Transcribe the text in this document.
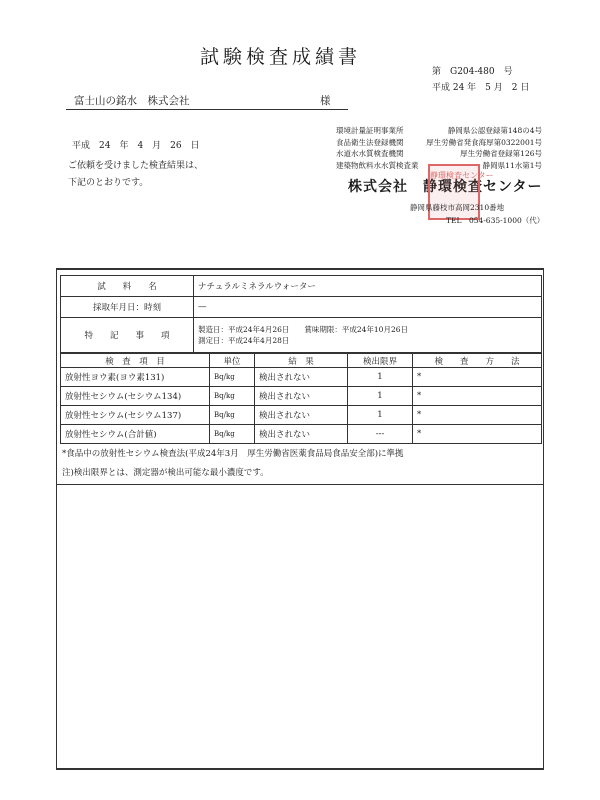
試験検査成績書
第　G204-480　号
平成 24 年　5 月　2 日
富士山の銘水　株式会社	様
平成　24　年　4　月　26　日
ご依頼を受けました検査結果は、
下記のとおりです。
環境計量証明事業所	静岡県公認登録第148の4号
食品衛生法登録機関	厚生労働省発食海厚第0322001号
水道水水質検査機関	厚生労働省登録第126号
建築物飲料水水質検査業	静岡県11水第1号
株式会社　静環検査センター
静環検査センター
静岡県藤枝市高岡2310番地
TEL　054-635-1000（代）
試　　料　　名	ナチュラルミネラルウォーター
採取年月日：時刻	—
特　　記　　事　　項	製造日：平成24年4月26日　　賞味期限：平成24年10月26日
測定日：平成24年4月28日
検　査　項　目	単位	結　果	検出限界	検　　査　　方　　法
放射性ヨウ素(ヨウ素131)	Bq/kg	検出されない	1	*
放射性セシウム(セシウム134)	Bq/kg	検出されない	1	*
放射性セシウム(セシウム137)	Bq/kg	検出されない	1	*
放射性セシウム(合計値)	Bq/kg	検出されない	---	*
*食品中の放射性セシウム検査法(平成24年3月　厚生労働省医薬食品局食品安全部)に準拠
注)検出限界とは、測定器が検出可能な最小濃度です。
